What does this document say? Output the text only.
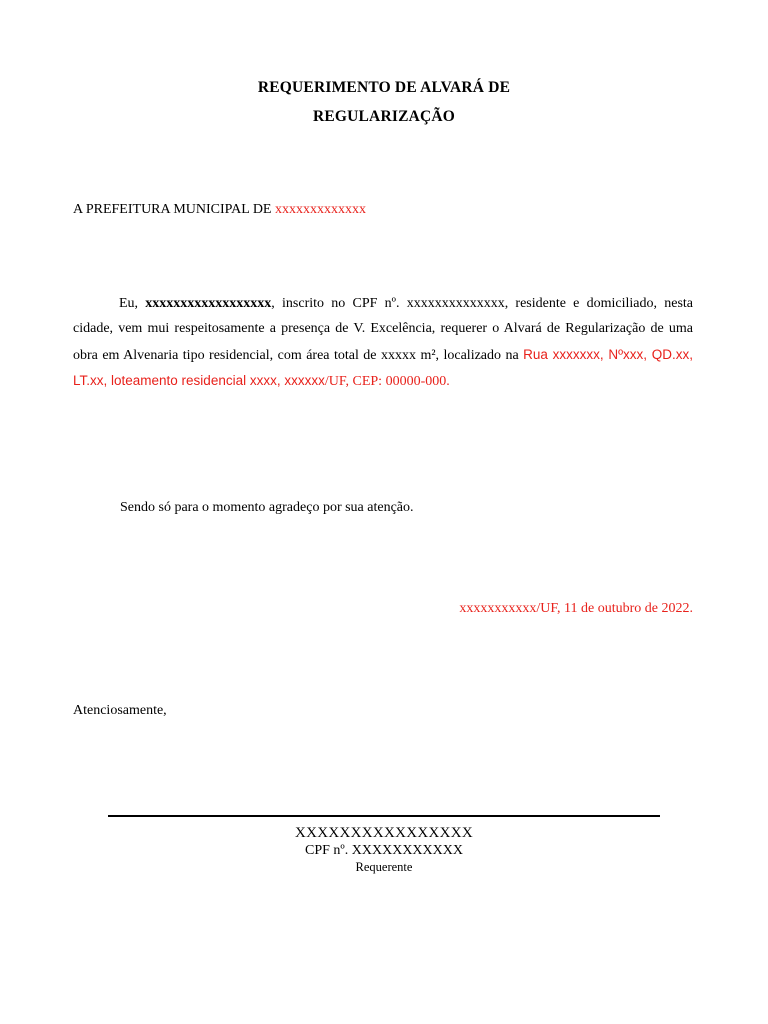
REQUERIMENTO DE ALVARÁ DE
REGULARIZAÇÃO
A PREFEITURA MUNICIPAL DE xxxxxxxxxxxxx
Eu, xxxxxxxxxxxxxxxxxx, inscrito no CPF nº. xxxxxxxxxxxxxx, residente e domiciliado, nesta cidade, vem mui respeitosamente a presença de V. Excelência, requerer o Alvará de Regularização de uma obra em Alvenaria tipo residencial, com área total de xxxxx m², localizado na Rua xxxxxxx, Nºxxx, QD.xx, LT.xx, loteamento residencial xxxx, xxxxxx/UF, CEP: 00000-000.
Sendo só para o momento agradeço por sua atenção.
xxxxxxxxxxx/UF, 11 de outubro de 2022.
Atenciosamente,
XXXXXXXXXXXXXXXX
CPF nº. XXXXXXXXXXX
Requerente
